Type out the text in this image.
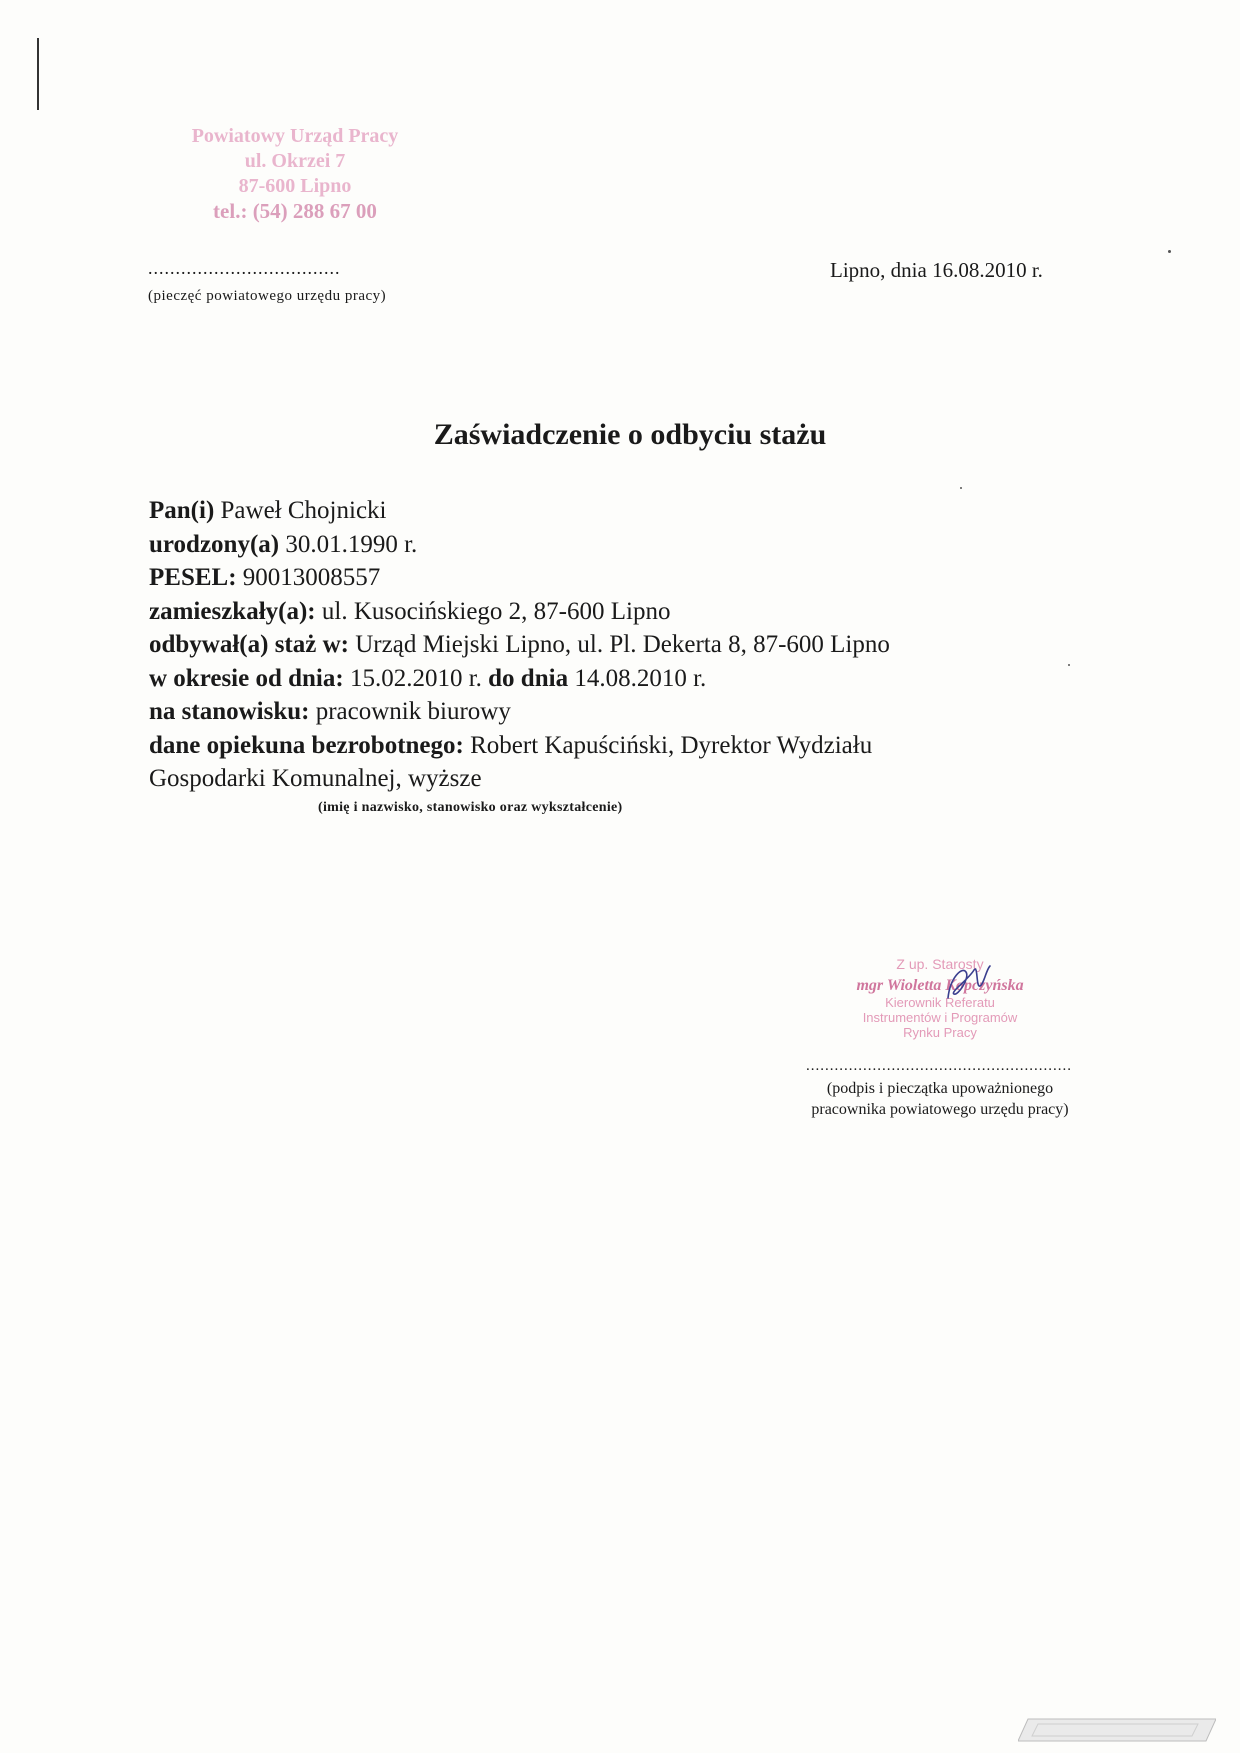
Powiatowy Urząd Pracy
ul. Okrzei 7
87-600 Lipno
tel.: (54) 288 67 00
...................................
(pieczęć powiatowego urzędu pracy)
Lipno, dnia 16.08.2010 r.
Zaświadczenie o odbyciu stażu
Pan(i) Paweł Chojnicki
urodzony(a) 30.01.1990 r.
PESEL: 90013008557
zamieszkały(a): ul. Kusocińskiego 2, 87-600 Lipno
odbywał(a) staż w: Urząd Miejski Lipno, ul. Pl. Dekerta 8, 87-600 Lipno
w okresie od dnia: 15.02.2010 r. do dnia 14.08.2010 r.
na stanowisku: pracownik biurowy
dane opiekuna bezrobotnego: Robert Kapuściński, Dyrektor Wydziału
Gospodarki Komunalnej, wyższe
(imię i nazwisko, stanowisko oraz wykształcenie)
Z up. Starosty
mgr Wioletta Kopczyńska
Kierownik Referatu
Instrumentów i Programów
Rynku Pracy
........................................................
(podpis i pieczątka upoważnionego
pracownika powiatowego urzędu pracy)
